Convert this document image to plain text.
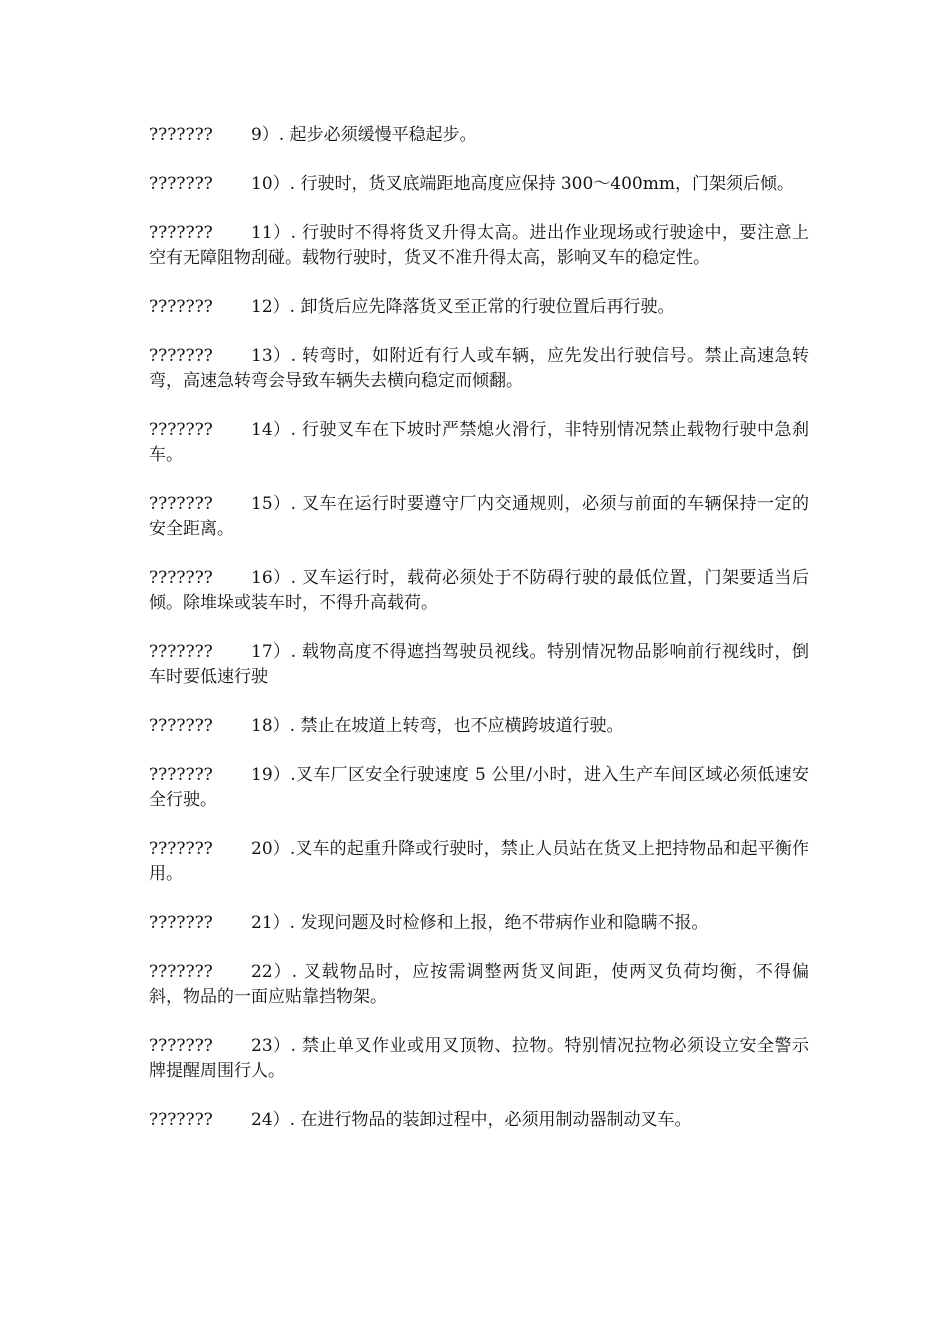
??????? 9）. 起步必须缓慢平稳起步。

??????? 10）. 行驶时，货叉底端距地高度应保持 300～400mm，门架须后倾。

??????? 11）. 行驶时不得将货叉升得太高。进出作业现场或行驶途中，要注意上空有无障阻物刮碰。载物行驶时，货叉不准升得太高，影响叉车的稳定性。

??????? 12）. 卸货后应先降落货叉至正常的行驶位置后再行驶。

??????? 13）. 转弯时，如附近有行人或车辆，应先发出行驶信号。禁止高速急转弯，高速急转弯会导致车辆失去横向稳定而倾翻。

??????? 14）. 行驶叉车在下坡时严禁熄火滑行，非特别情况禁止载物行驶中急刹车。

??????? 15）. 叉车在运行时要遵守厂内交通规则，必须与前面的车辆保持一定的安全距离。

??????? 16）. 叉车运行时，载荷必须处于不防碍行驶的最低位置，门架要适当后倾。除堆垛或装车时，不得升高载荷。

??????? 17）. 载物高度不得遮挡驾驶员视线。特别情况物品影响前行视线时，倒车时要低速行驶

??????? 18）. 禁止在坡道上转弯，也不应横跨坡道行驶。

??????? 19）.叉车厂区安全行驶速度 5 公里/小时，进入生产车间区域必须低速安全行驶。

??????? 20）.叉车的起重升降或行驶时，禁止人员站在货叉上把持物品和起平衡作用。

??????? 21）. 发现问题及时检修和上报，绝不带病作业和隐瞒不报。

??????? 22）. 叉载物品时，应按需调整两货叉间距，使两叉负荷均衡，不得偏斜，物品的一面应贴靠挡物架。

??????? 23）. 禁止单叉作业或用叉顶物、拉物。特别情况拉物必须设立安全警示牌提醒周围行人。

??????? 24）. 在进行物品的装卸过程中，必须用制动器制动叉车。
